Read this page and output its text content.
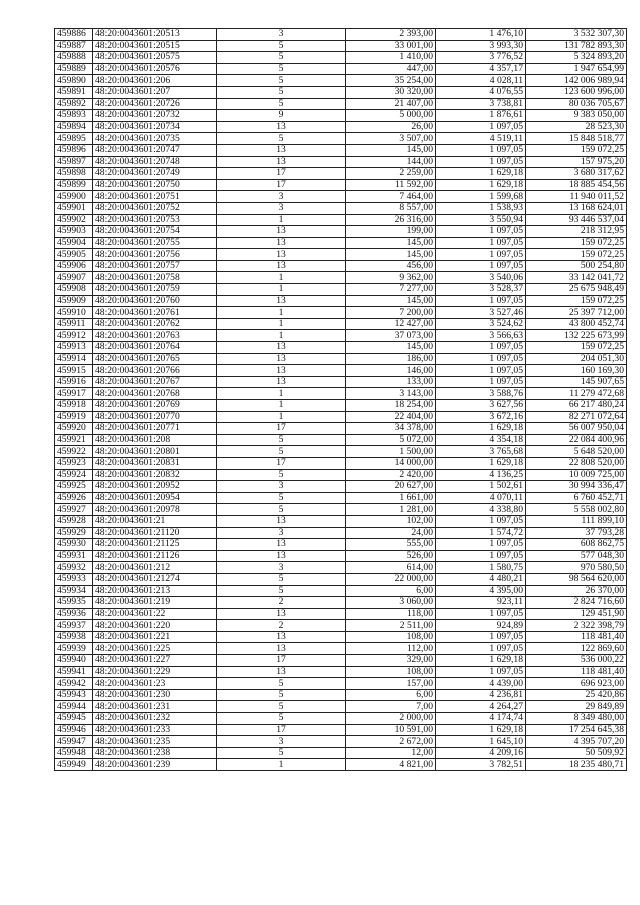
459886	48:20:0043601:20513	3	2 393,00	1 476,10	3 532 307,30
459887	48:20:0043601:20515	5	33 001,00	3 993,30	131 782 893,30
459888	48:20:0043601:20575	5	1 410,00	3 776,52	5 324 893,20
459889	48:20:0043601:20576	5	447,00	4 357,17	1 947 654,99
459890	48:20:0043601:206	5	35 254,00	4 028,11	142 006 989,94
459891	48:20:0043601:207	5	30 320,00	4 076,55	123 600 996,00
459892	48:20:0043601:20726	5	21 407,00	3 738,81	80 036 705,67
459893	48:20:0043601:20732	9	5 000,00	1 876,61	9 383 050,00
459894	48:20:0043601:20734	13	26,00	1 097,05	28 523,30
459895	48:20:0043601:20735	5	3 507,00	4 519,11	15 848 518,77
459896	48:20:0043601:20747	13	145,00	1 097,05	159 072,25
459897	48:20:0043601:20748	13	144,00	1 097,05	157 975,20
459898	48:20:0043601:20749	17	2 259,00	1 629,18	3 680 317,62
459899	48:20:0043601:20750	17	11 592,00	1 629,18	18 885 454,56
459900	48:20:0043601:20751	3	7 464,00	1 599,68	11 940 011,52
459901	48:20:0043601:20752	3	8 557,00	1 538,93	13 168 624,01
459902	48:20:0043601:20753	1	26 316,00	3 550,94	93 446 537,04
459903	48:20:0043601:20754	13	199,00	1 097,05	218 312,95
459904	48:20:0043601:20755	13	145,00	1 097,05	159 072,25
459905	48:20:0043601:20756	13	145,00	1 097,05	159 072,25
459906	48:20:0043601:20757	13	456,00	1 097,05	500 254,80
459907	48:20:0043601:20758	1	9 362,00	3 540,06	33 142 041,72
459908	48:20:0043601:20759	1	7 277,00	3 528,37	25 675 948,49
459909	48:20:0043601:20760	13	145,00	1 097,05	159 072,25
459910	48:20:0043601:20761	1	7 200,00	3 527,46	25 397 712,00
459911	48:20:0043601:20762	1	12 427,00	3 524,62	43 800 452,74
459912	48:20:0043601:20763	1	37 073,00	3 566,63	132 225 673,99
459913	48:20:0043601:20764	13	145,00	1 097,05	159 072,25
459914	48:20:0043601:20765	13	186,00	1 097,05	204 051,30
459915	48:20:0043601:20766	13	146,00	1 097,05	160 169,30
459916	48:20:0043601:20767	13	133,00	1 097,05	145 907,65
459917	48:20:0043601:20768	1	3 143,00	3 588,76	11 279 472,68
459918	48:20:0043601:20769	1	18 254,00	3 627,56	66 217 480,24
459919	48:20:0043601:20770	1	22 404,00	3 672,16	82 271 072,64
459920	48:20:0043601:20771	17	34 378,00	1 629,18	56 007 950,04
459921	48:20:0043601:208	5	5 072,00	4 354,18	22 084 400,96
459922	48:20:0043601:20801	5	1 500,00	3 765,68	5 648 520,00
459923	48:20:0043601:20831	17	14 000,00	1 629,18	22 808 520,00
459924	48:20:0043601:20832	5	2 420,00	4 136,25	10 009 725,00
459925	48:20:0043601:20952	3	20 627,00	1 502,61	30 994 336,47
459926	48:20:0043601:20954	5	1 661,00	4 070,11	6 760 452,71
459927	48:20:0043601:20978	5	1 281,00	4 338,80	5 558 002,80
459928	48:20:0043601:21	13	102,00	1 097,05	111 899,10
459929	48:20:0043601:21120	3	24,00	1 574,72	37 793,28
459930	48:20:0043601:21125	13	555,00	1 097,05	608 862,75
459931	48:20:0043601:21126	13	526,00	1 097,05	577 048,30
459932	48:20:0043601:212	3	614,00	1 580,75	970 580,50
459933	48:20:0043601:21274	5	22 000,00	4 480,21	98 564 620,00
459934	48:20:0043601:213	5	6,00	4 395,00	26 370,00
459935	48:20:0043601:219	2	3 060,00	923,11	2 824 716,60
459936	48:20:0043601:22	13	118,00	1 097,05	129 451,90
459937	48:20:0043601:220	2	2 511,00	924,89	2 322 398,79
459938	48:20:0043601:221	13	108,00	1 097,05	118 481,40
459939	48:20:0043601:225	13	112,00	1 097,05	122 869,60
459940	48:20:0043601:227	17	329,00	1 629,18	536 000,22
459941	48:20:0043601:229	13	108,00	1 097,05	118 481,40
459942	48:20:0043601:23	5	157,00	4 439,00	696 923,00
459943	48:20:0043601:230	5	6,00	4 236,81	25 420,86
459944	48:20:0043601:231	5	7,00	4 264,27	29 849,89
459945	48:20:0043601:232	5	2 000,00	4 174,74	8 349 480,00
459946	48:20:0043601:233	17	10 591,00	1 629,18	17 254 645,38
459947	48:20:0043601:235	3	2 672,00	1 645,10	4 395 707,20
459948	48:20:0043601:238	5	12,00	4 209,16	50 509,92
459949	48:20:0043601:239	1	4 821,00	3 782,51	18 235 480,71
